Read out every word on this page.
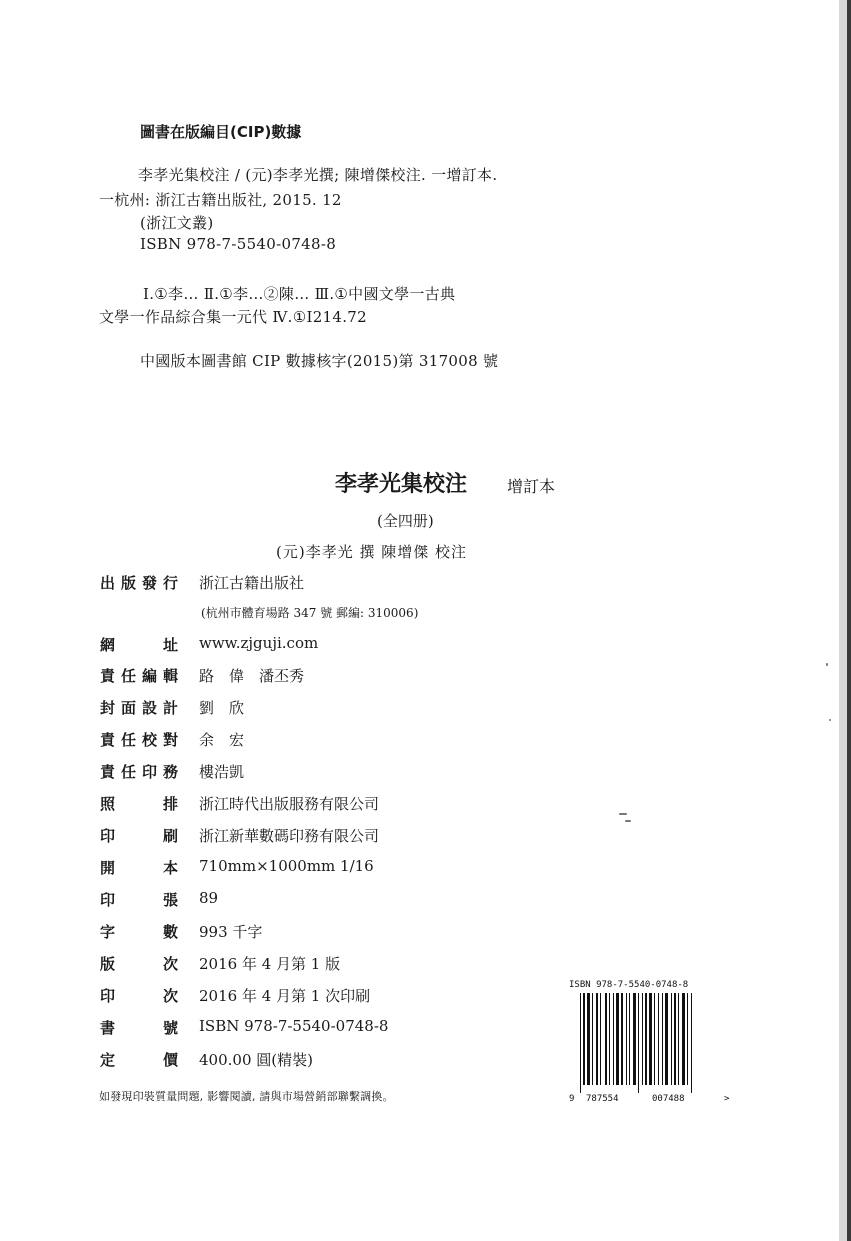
圖書在版編目(CIP)數據
李孝光集校注 / (元)李孝光撰; 陳增傑校注. 一增訂本.
一杭州: 浙江古籍出版社, 2015. 12
(浙江文叢)
ISBN 978-7-5540-0748-8
Ⅰ.①李… Ⅱ.①李…②陳… Ⅲ.①中國文學一古典
文學一作品綜合集一元代 Ⅳ.①I214.72
中國版本圖書館 CIP 數據核字(2015)第 317008 號
李孝光集校注 增訂本
(全四册)
(元)李孝光 撰 陳增傑 校注
出版發行 浙江古籍出版社
(杭州市體育場路 347 號 郵編: 310006)
網址 www.zjguji.com
責任編輯 路　偉　潘丕秀
封面設計 劉　欣
責任校對 余　宏
責任印務 樓浩凱
照排 浙江時代出版服務有限公司
印刷 浙江新華數碼印務有限公司
開本 710mm×1000mm 1/16
印張 89
字數 993 千字
版次 2016 年 4 月第 1 版
印次 2016 年 4 月第 1 次印刷
書號 ISBN 978-7-5540-0748-8
定價 400.00 圓(精裝)
如發現印裝質量問題, 影響閱讀, 請與市場營銷部聯繫調換。
ISBN 978-7-5540-0748-8
9 787554	007488	>
